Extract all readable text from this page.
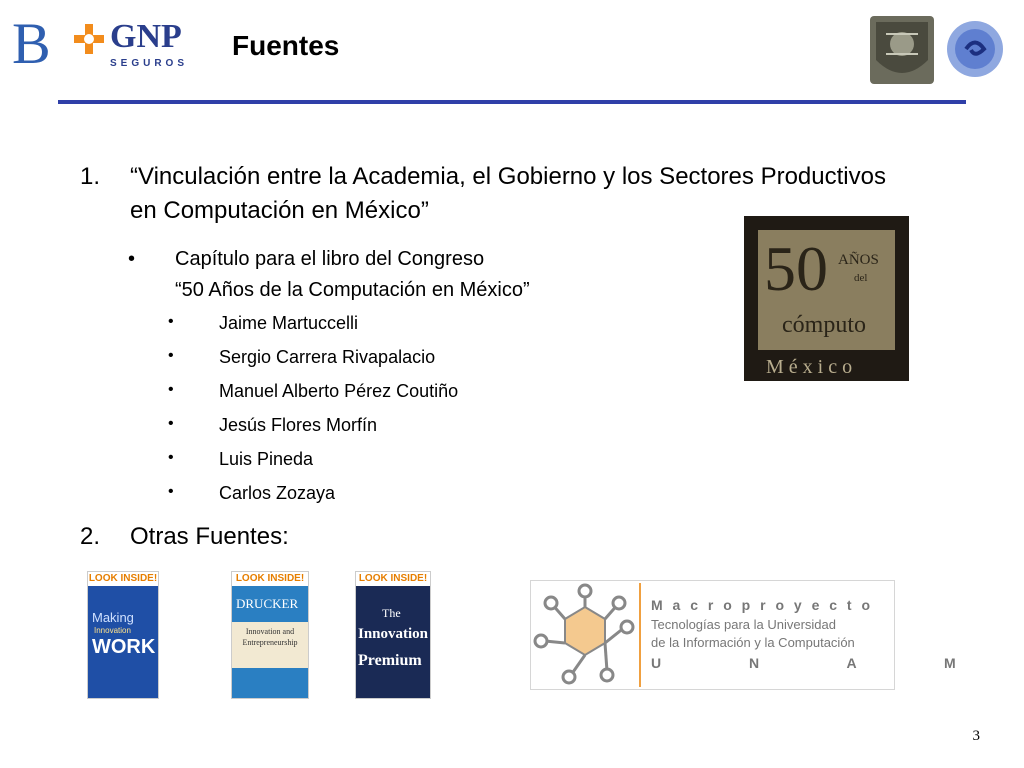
B	GNP
SEGUROS
Fuentes
1. “Vinculación entre la Academia, el Gobierno y los Sectores Productivos en Computación en México”
• Capítulo para el libro del Congreso
“50 Años de la Computación en México”
•	Jaime Martuccelli
•	Sergio Carrera Rivapalacio
•	Manuel Alberto Pérez Coutiño
•	Jesús Flores Morfín
•	Luis Pineda
•	Carlos Zozaya
2. Otras Fuentes:
50 AÑOS
del
cómputo
México
LOOK INSIDE!
Making
Innovation
WORK
LOOK INSIDE!
DRUCKER
Innovation and Entrepreneurship
LOOK INSIDE!
The
Innovation
Premium
M a c r o p r o y e c t o
Tecnologías para la Universidad
de la Información y la Computación
U N A M
3
